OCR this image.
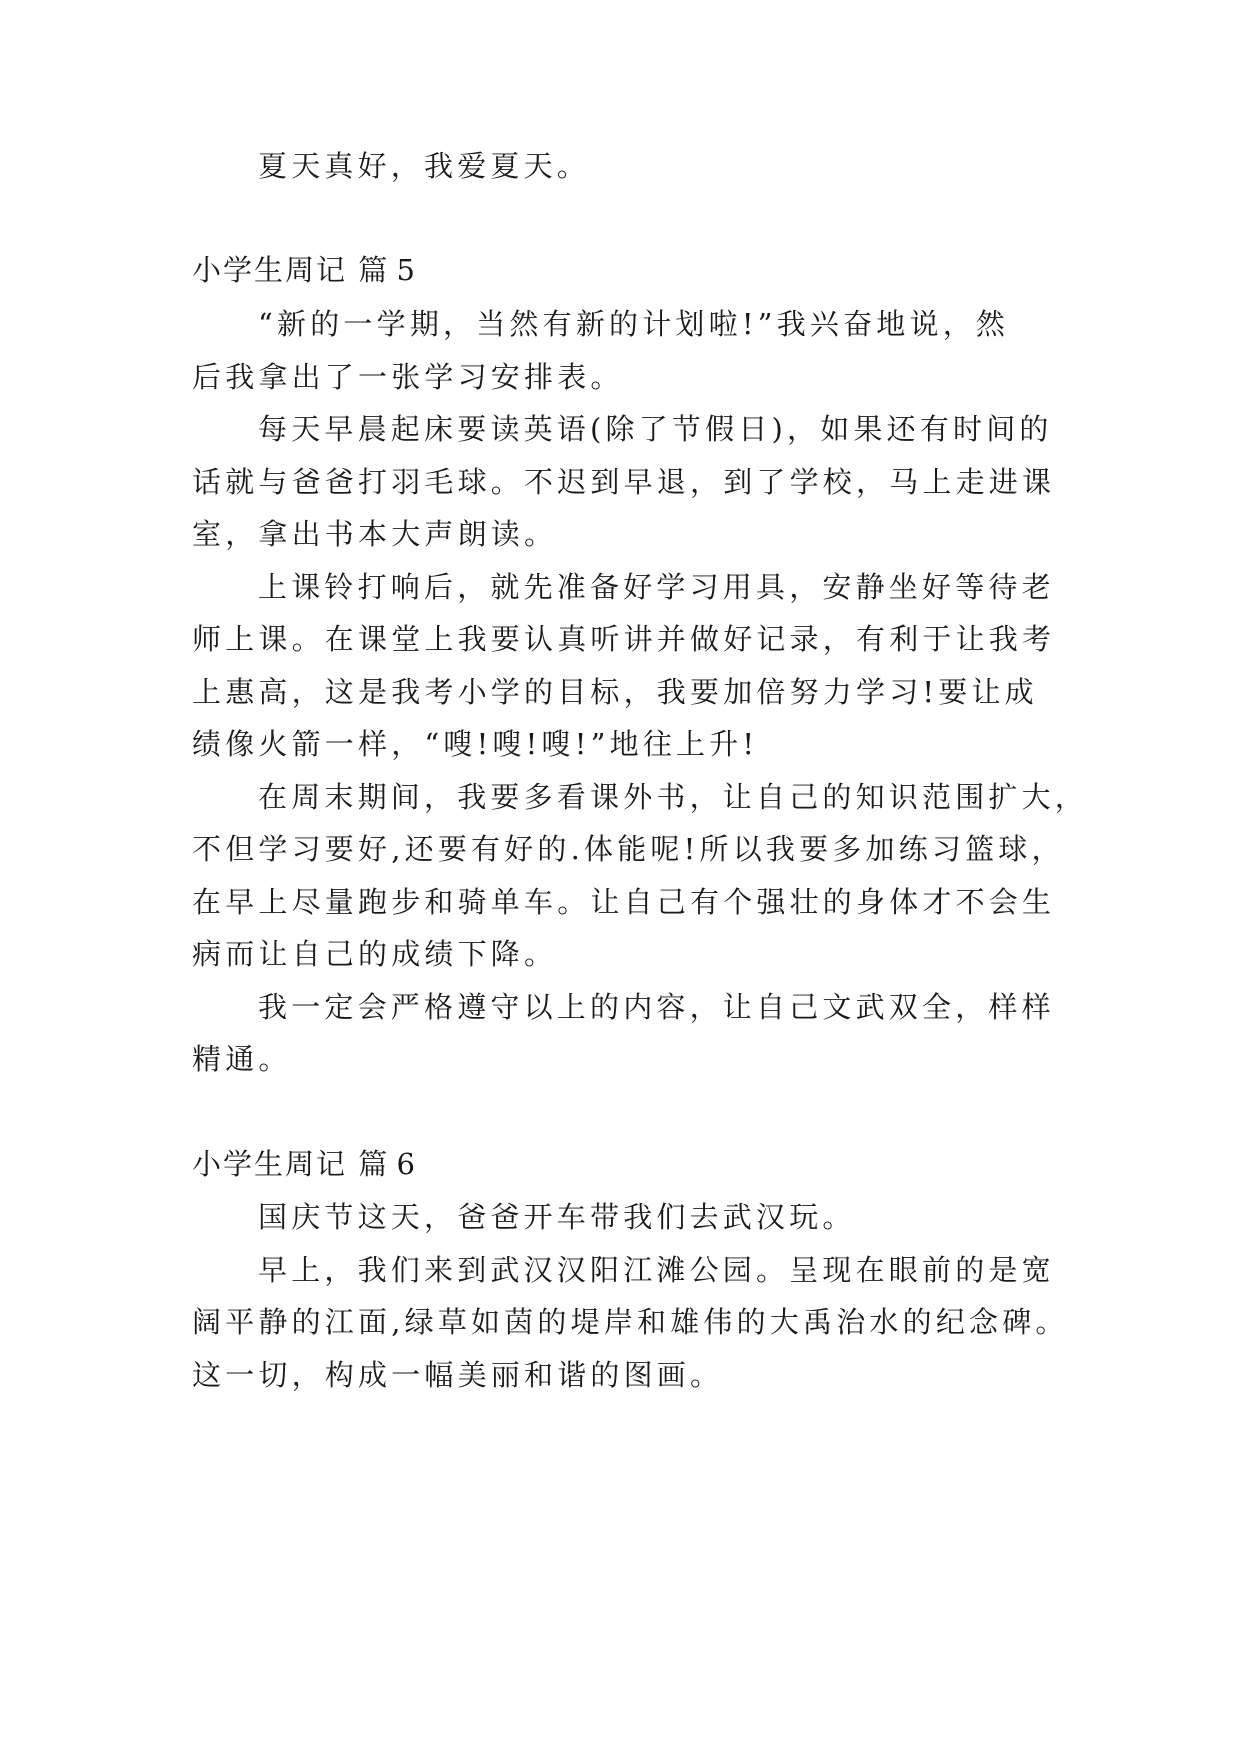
夏天真好，我爱夏天。
小学生周记 篇 5
“新的一学期，当然有新的计划啦!”我兴奋地说，然
后我拿出了一张学习安排表。
每天早晨起床要读英语(除了节假日)，如果还有时间的
话就与爸爸打羽毛球。不迟到早退，到了学校，马上走进课
室，拿出书本大声朗读。
上课铃打响后，就先准备好学习用具，安静坐好等待老
师上课。在课堂上我要认真听讲并做好记录，有利于让我考
上惠高，这是我考小学的目标，我要加倍努力学习!要让成
绩像火箭一样，“嗖!嗖!嗖!”地往上升!
在周末期间，我要多看课外书，让自己的知识范围扩大，
不但学习要好,还要有好的.体能呢!所以我要多加练习篮球，
在早上尽量跑步和骑单车。让自己有个强壮的身体才不会生
病而让自己的成绩下降。
我一定会严格遵守以上的内容，让自己文武双全，样样
精通。
小学生周记 篇 6
国庆节这天，爸爸开车带我们去武汉玩。
早上，我们来到武汉汉阳江滩公园。呈现在眼前的是宽
阔平静的江面,绿草如茵的堤岸和雄伟的大禹治水的纪念碑。
这一切，构成一幅美丽和谐的图画。
